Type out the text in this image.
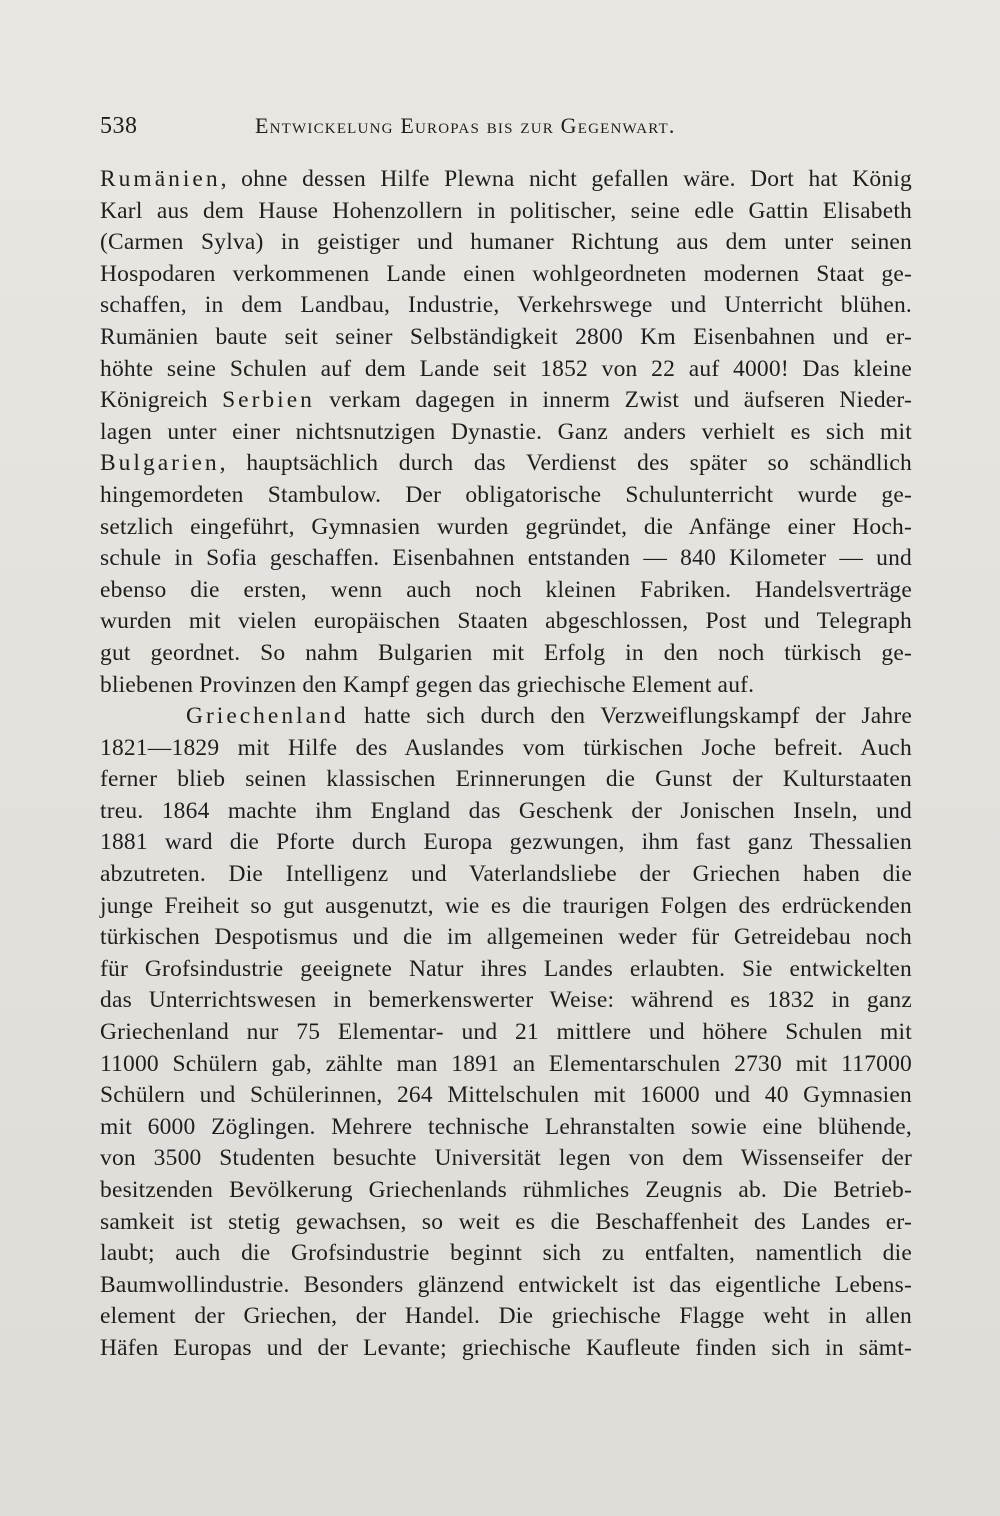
538	Entwickelung Europas bis zur Gegenwart.
Rumänien, ohne dessen Hilfe Plewna nicht gefallen wäre. Dort hat König
Karl aus dem Hause Hohenzollern in politischer, seine edle Gattin Elisabeth
(Carmen Sylva) in geistiger und humaner Richtung aus dem unter seinen
Hospodaren verkommenen Lande einen wohlgeordneten modernen Staat ge-
schaffen, in dem Landbau, Industrie, Verkehrswege und Unterricht blühen.
Rumänien baute seit seiner Selbständigkeit 2800 Km Eisenbahnen und er-
höhte seine Schulen auf dem Lande seit 1852 von 22 auf 4000! Das kleine
Königreich Serbien verkam dagegen in innerm Zwist und äufseren Nieder-
lagen unter einer nichtsnutzigen Dynastie. Ganz anders verhielt es sich mit
Bulgarien, hauptsächlich durch das Verdienst des später so schändlich
hingemordeten Stambulow. Der obligatorische Schulunterricht wurde ge-
setzlich eingeführt, Gymnasien wurden gegründet, die Anfänge einer Hoch-
schule in Sofia geschaffen. Eisenbahnen entstanden — 840 Kilometer — und
ebenso die ersten, wenn auch noch kleinen Fabriken. Handelsverträge
wurden mit vielen europäischen Staaten abgeschlossen, Post und Telegraph
gut geordnet. So nahm Bulgarien mit Erfolg in den noch türkisch ge-
bliebenen Provinzen den Kampf gegen das griechische Element auf.
Griechenland hatte sich durch den Verzweiflungskampf der Jahre
1821—1829 mit Hilfe des Auslandes vom türkischen Joche befreit. Auch
ferner blieb seinen klassischen Erinnerungen die Gunst der Kulturstaaten
treu. 1864 machte ihm England das Geschenk der Jonischen Inseln, und
1881 ward die Pforte durch Europa gezwungen, ihm fast ganz Thessalien
abzutreten. Die Intelligenz und Vaterlandsliebe der Griechen haben die
junge Freiheit so gut ausgenutzt, wie es die traurigen Folgen des erdrückenden
türkischen Despotismus und die im allgemeinen weder für Getreidebau noch
für Grofsindustrie geeignete Natur ihres Landes erlaubten. Sie entwickelten
das Unterrichtswesen in bemerkenswerter Weise: während es 1832 in ganz
Griechenland nur 75 Elementar- und 21 mittlere und höhere Schulen mit
11000 Schülern gab, zählte man 1891 an Elementarschulen 2730 mit 117000
Schülern und Schülerinnen, 264 Mittelschulen mit 16000 und 40 Gymnasien
mit 6000 Zöglingen. Mehrere technische Lehranstalten sowie eine blühende,
von 3500 Studenten besuchte Universität legen von dem Wissenseifer der
besitzenden Bevölkerung Griechenlands rühmliches Zeugnis ab. Die Betrieb-
samkeit ist stetig gewachsen, so weit es die Beschaffenheit des Landes er-
laubt; auch die Grofsindustrie beginnt sich zu entfalten, namentlich die
Baumwollindustrie. Besonders glänzend entwickelt ist das eigentliche Lebens-
element der Griechen, der Handel. Die griechische Flagge weht in allen
Häfen Europas und der Levante; griechische Kaufleute finden sich in sämt-
